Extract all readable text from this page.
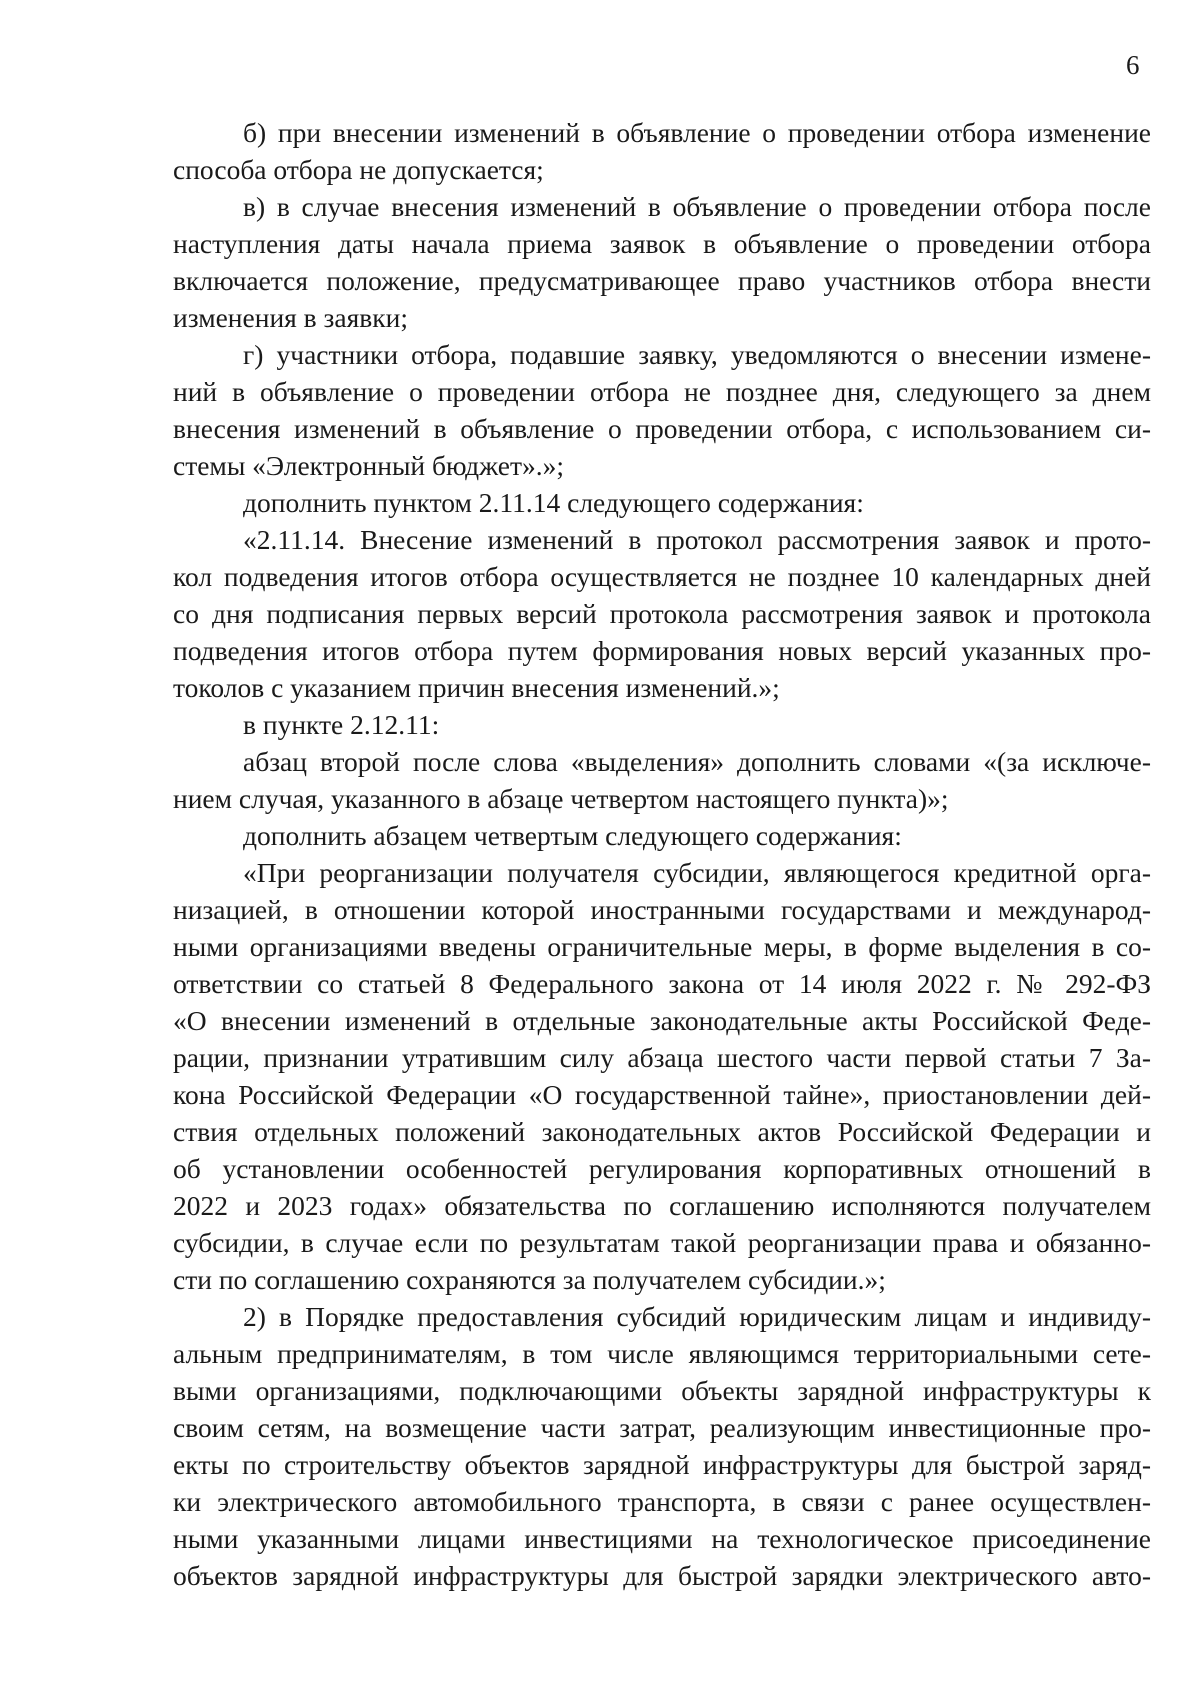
6
б) при внесении изменений в объявление о проведении отбора изменение
способа отбора не допускается;
в) в случае внесения изменений в объявление о проведении отбора после
наступления даты начала приема заявок в объявление о проведении отбора
включается положение, предусматривающее право участников отбора внести
изменения в заявки;
г) участники отбора, подавшие заявку, уведомляются о внесении измене-
ний в объявление о проведении отбора не позднее дня, следующего за днем
внесения изменений в объявление о проведении отбора, с использованием си-
стемы «Электронный бюджет».»;
дополнить пунктом 2.11.14 следующего содержания:
«2.11.14. Внесение изменений в протокол рассмотрения заявок и прото-
кол подведения итогов отбора осуществляется не позднее 10 календарных дней
со дня подписания первых версий протокола рассмотрения заявок и протокола
подведения итогов отбора путем формирования новых версий указанных про-
токолов с указанием причин внесения изменений.»;
в пункте 2.12.11:
абзац второй после слова «выделения» дополнить словами «(за исключе-
нием случая, указанного в абзаце четвертом настоящего пункта)»;
дополнить абзацем четвертым следующего содержания:
«При реорганизации получателя субсидии, являющегося кредитной орга-
низацией, в отношении которой иностранными государствами и международ-
ными организациями введены ограничительные меры, в форме выделения в со-
ответствии со статьей 8 Федерального закона от 14 июля 2022 г. № 292-ФЗ
«О внесении изменений в отдельные законодательные акты Российской Феде-
рации, признании утратившим силу абзаца шестого части первой статьи 7 За-
кона Российской Федерации «О государственной тайне», приостановлении дей-
ствия отдельных положений законодательных актов Российской Федерации и
об установлении особенностей регулирования корпоративных отношений в
2022 и 2023 годах» обязательства по соглашению исполняются получателем
субсидии, в случае если по результатам такой реорганизации права и обязанно-
сти по соглашению сохраняются за получателем субсидии.»;
2) в Порядке предоставления субсидий юридическим лицам и индивиду-
альным предпринимателям, в том числе являющимся территориальными сете-
выми организациями, подключающими объекты зарядной инфраструктуры к
своим сетям, на возмещение части затрат, реализующим инвестиционные про-
екты по строительству объектов зарядной инфраструктуры для быстрой заряд-
ки электрического автомобильного транспорта, в связи с ранее осуществлен-
ными указанными лицами инвестициями на технологическое присоединение
объектов зарядной инфраструктуры для быстрой зарядки электрического авто-
